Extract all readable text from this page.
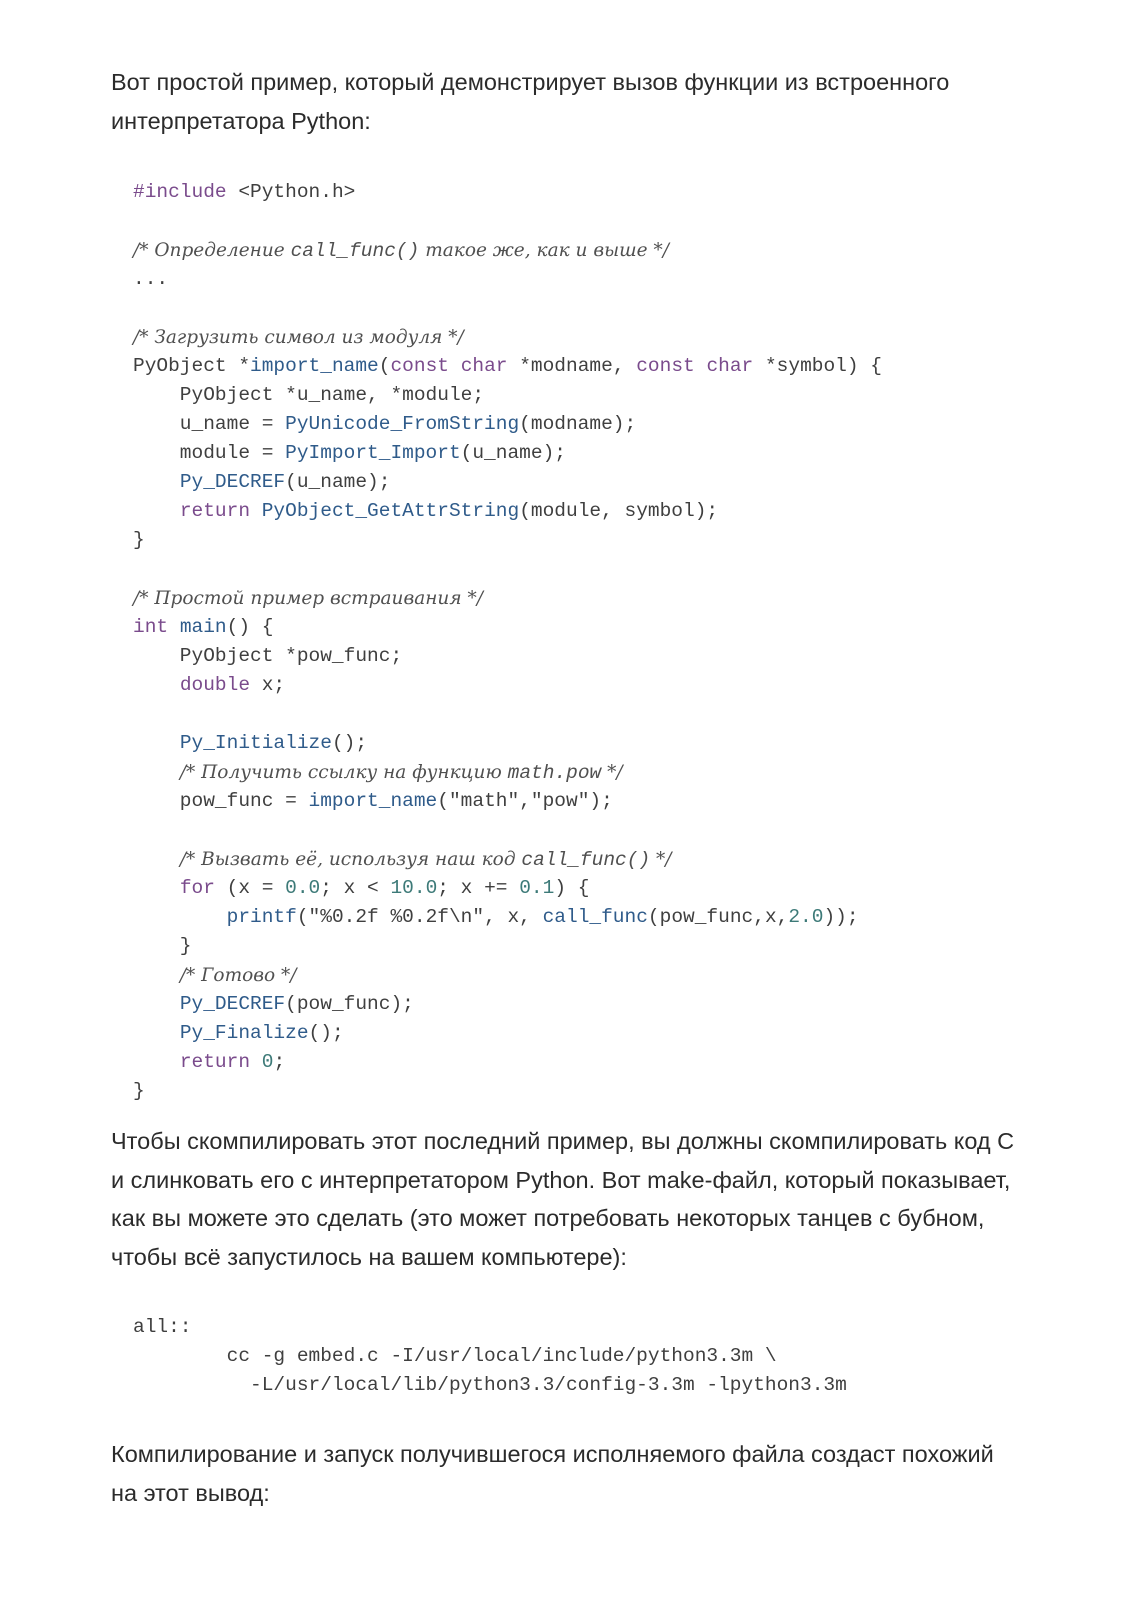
Вот простой пример, который демонстрирует вызов функции из встроенного интерпретатора Python:

#include <Python.h>

/* Определение call_func() такое же, как и выше */
...

/* Загрузить символ из модуля */
PyObject *import_name(const char *modname, const char *symbol) {
PyObject *u_name, *module;
u_name = PyUnicode_FromString(modname);
module = PyImport_Import(u_name);
Py_DECREF(u_name);
return PyObject_GetAttrString(module, symbol);
}

/* Простой пример встраивания */
int main() {
PyObject *pow_func;
double x;

Py_Initialize();
/* Получить ссылку на функцию math.pow */
pow_func = import_name("math","pow");

/* Вызвать её, используя наш код call_func() */
for (x = 0.0; x < 10.0; x += 0.1) {
printf("%0.2f %0.2f\n", x, call_func(pow_func,x,2.0));
}
/* Готово */
Py_DECREF(pow_func);
Py_Finalize();
return 0;
}

Чтобы скомпилировать этот последний пример, вы должны скомпилировать код C и слинковать его с интерпретатором Python. Вот make-файл, который показывает, как вы можете это сделать (это может потребовать некоторых танцев с бубном, чтобы всё запустилось на вашем компьютере):

all::
cc -g embed.c -I/usr/local/include/python3.3m \
-L/usr/local/lib/python3.3/config-3.3m -lpython3.3m

Компилирование и запуск получившегося исполняемого файла создаст похожий на этот вывод:
